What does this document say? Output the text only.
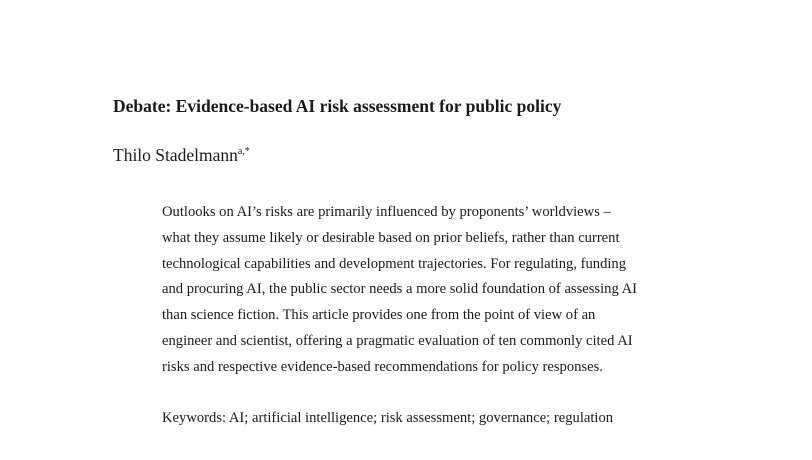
Debate: Evidence-based AI risk assessment for public policy

Thilo Stadelmann$^{a,*}$

Outlooks on AI’s risks are primarily influenced by proponents’ worldviews –
what they assume likely or desirable based on prior beliefs, rather than current
technological capabilities and development trajectories. For regulating, funding
and procuring AI, the public sector needs a more solid foundation of assessing AI
than science fiction. This article provides one from the point of view of an
engineer and scientist, offering a pragmatic evaluation of ten commonly cited AI
risks and respective evidence-based recommendations for policy responses.

Keywords: AI; artificial intelligence; risk assessment; governance; regulation
